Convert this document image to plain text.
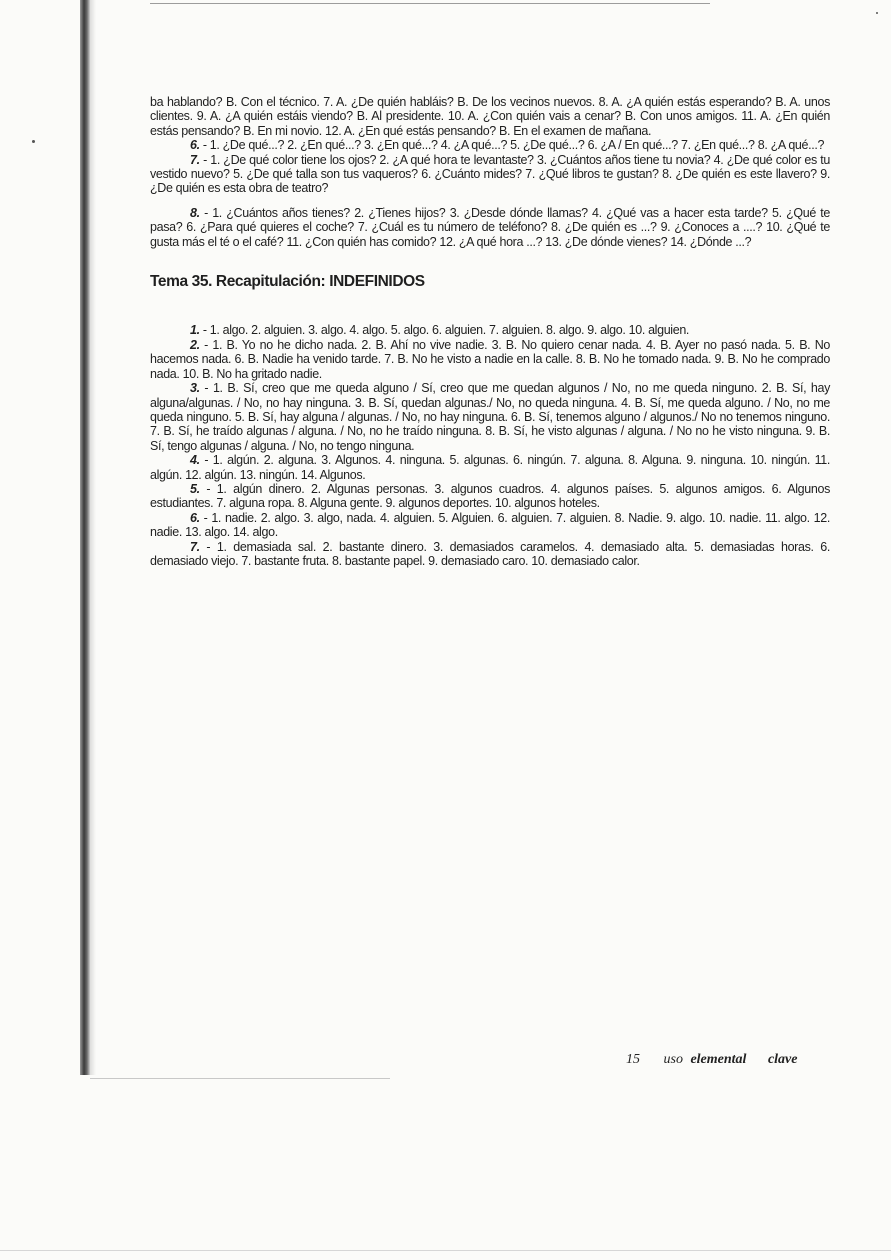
ba hablando? B. Con el técnico. 7. A. ¿De quién habláis? B. De los vecinos nuevos. 8. A. ¿A quién estás esperando? B. A. unos clientes. 9. A. ¿A quién estáis viendo? B. Al presidente. 10. A. ¿Con quién vais a cenar? B. Con unos amigos. 11. A. ¿En quién estás pensando? B. En mi novio. 12. A. ¿En qué estás pensando? B. En el examen de mañana.

6. - 1. ¿De qué...? 2. ¿En qué...? 3. ¿En qué...? 4. ¿A qué...? 5. ¿De qué...? 6. ¿A / En qué...? 7. ¿En qué...? 8. ¿A qué...?

7. - 1. ¿De qué color tiene los ojos? 2. ¿A qué hora te levantaste? 3. ¿Cuántos años tiene tu novia? 4. ¿De qué color es tu vestido nuevo? 5. ¿De qué talla son tus vaqueros? 6. ¿Cuánto mides? 7. ¿Qué libros te gustan? 8. ¿De quién es este llavero? 9. ¿De quién es esta obra de teatro?

8. - 1. ¿Cuántos años tienes? 2. ¿Tienes hijos? 3. ¿Desde dónde llamas? 4. ¿Qué vas a hacer esta tarde? 5. ¿Qué te pasa? 6. ¿Para qué quieres el coche? 7. ¿Cuál es tu número de teléfono? 8. ¿De quién es ...? 9. ¿Conoces a ....? 10. ¿Qué te gusta más el té o el café? 11. ¿Con quién has comido? 12. ¿A qué hora ...? 13. ¿De dónde vienes? 14. ¿Dónde ...?

Tema 35. Recapitulación: INDEFINIDOS

1. - 1. algo. 2. alguien. 3. algo. 4. algo. 5. algo. 6. alguien. 7. alguien. 8. algo. 9. algo. 10. alguien.

2. - 1. B. Yo no he dicho nada. 2. B. Ahí no vive nadie. 3. B. No quiero cenar nada. 4. B. Ayer no pasó nada. 5. B. No hacemos nada. 6. B. Nadie ha venido tarde. 7. B. No he visto a nadie en la calle. 8. B. No he tomado nada. 9. B. No he comprado nada. 10. B. No ha gritado nadie.

3. - 1. B. Sí, creo que me queda alguno / Sí, creo que me quedan algunos / No, no me queda ninguno. 2. B. Sí, hay alguna/algunas. / No, no hay ninguna. 3. B. Sí, quedan algunas./ No, no queda ninguna. 4. B. Sí, me queda alguno. / No, no me queda ninguno. 5. B. Sí, hay alguna / algunas. / No, no hay ninguna. 6. B. Sí, tenemos alguno / algunos./ No no tenemos ninguno. 7. B. Sí, he traído algunas / alguna. / No, no he traído ninguna. 8. B. Sí, he visto algunas / alguna. / No no he visto ninguna. 9. B. Sí, tengo algunas / alguna. / No, no tengo ninguna.

4. - 1. algún. 2. alguna. 3. Algunos. 4. ninguna. 5. algunas. 6. ningún. 7. alguna. 8. Alguna. 9. ninguna. 10. ningún. 11. algún. 12. algún. 13. ningún. 14. Algunos.

5. - 1. algún dinero. 2. Algunas personas. 3. algunos cuadros. 4. algunos países. 5. algunos amigos. 6. Algunos estudiantes. 7. alguna ropa. 8. Alguna gente. 9. algunos deportes. 10. algunos hoteles.

6. - 1. nadie. 2. algo. 3. algo, nada. 4. alguien. 5. Alguien. 6. alguien. 7. alguien. 8. Nadie. 9. algo. 10. nadie. 11. algo. 12. nadie. 13. algo. 14. algo.

7. - 1. demasiada sal. 2. bastante dinero. 3. demasiados caramelos. 4. demasiado alta. 5. demasiadas horas. 6. demasiado viejo. 7. bastante fruta. 8. bastante papel. 9. demasiado caro. 10. demasiado calor.

15 uso elemental clave
